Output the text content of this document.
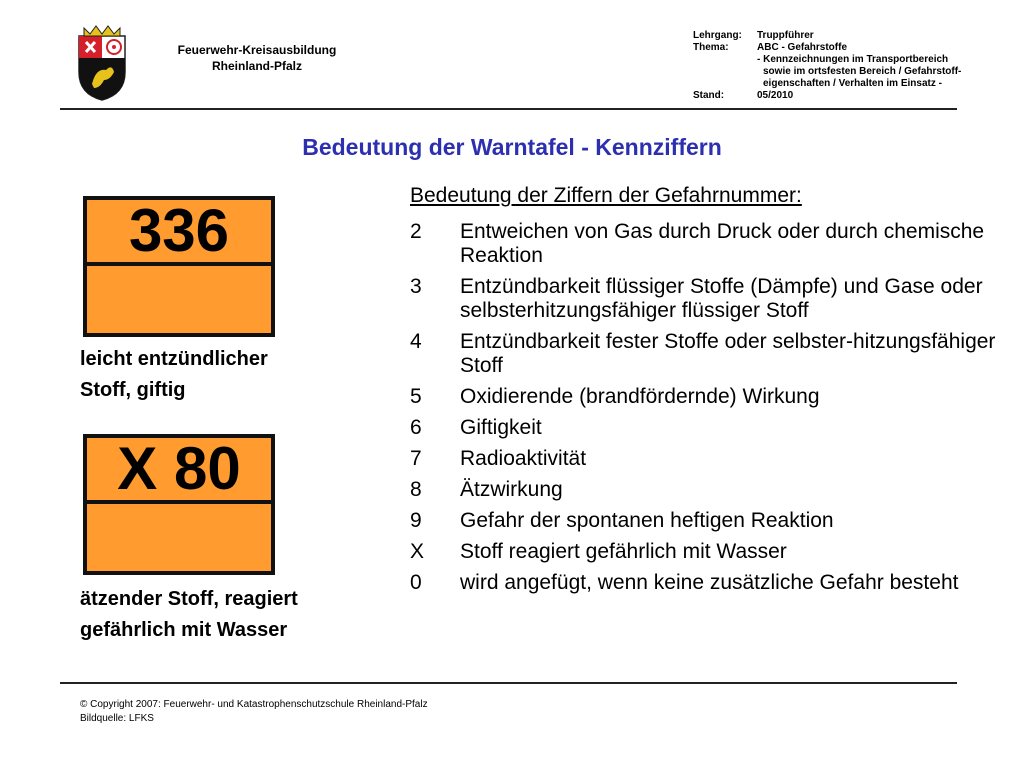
Feuerwehr-Kreisausbildung
Rheinland-Pfalz
Lehrgang:	Truppführer
Thema:	ABC - Gefahrstoffe
- Kennzeichnungen im Transportbereich
sowie im ortsfesten Bereich / Gefahrstoff-
eigenschaften / Verhalten im Einsatz -
Stand:	05/2010
Bedeutung der Warntafel - Kennziffern
336
leicht entzündlicher
Stoff, giftig
X 80
ätzender Stoff, reagiert
gefährlich mit Wasser
Bedeutung der Ziffern der Gefahrnummer:
2	Entweichen von Gas durch Druck oder durch chemische Reaktion
3	Entzündbarkeit flüssiger Stoffe (Dämpfe) und Gase oder selbsterhitzungsfähiger flüssiger Stoff
4	Entzündbarkeit fester Stoffe oder selbster-hitzungsfähiger Stoff
5	Oxidierende (brandfördernde) Wirkung
6	Giftigkeit
7	Radioaktivität
8	Ätzwirkung
9	Gefahr der spontanen heftigen Reaktion
X	Stoff reagiert gefährlich mit Wasser
0	wird angefügt, wenn keine zusätzliche Gefahr besteht
© Copyright 2007: Feuerwehr- und Katastrophenschutzschule Rheinland-Pfalz
Bildquelle: LFKS
